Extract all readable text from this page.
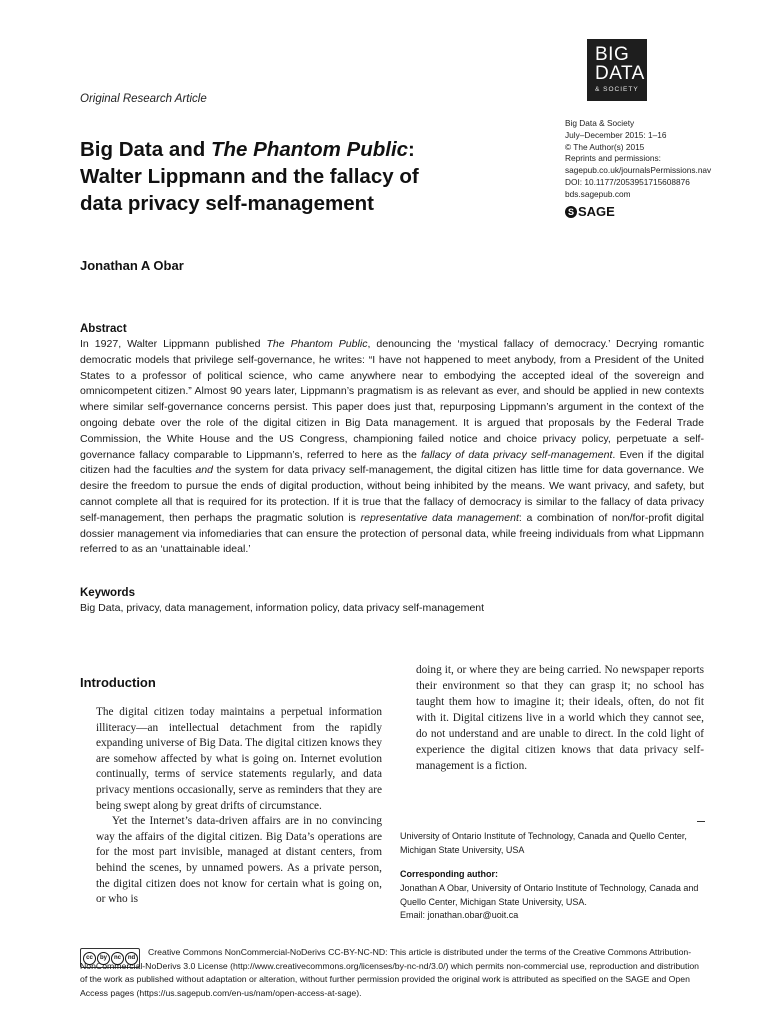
BIG
DATA
& SOCIETY
Original Research Article
Big Data and The Phantom Public: Walter Lippmann and the fallacy of data privacy self-management
Big Data & Society
July–December 2015: 1–16
© The Author(s) 2015
Reprints and permissions:
sagepub.co.uk/journalsPermissions.nav
DOI: 10.1177/2053951715608876
bds.sagepub.com
S SAGE
Jonathan A Obar
Abstract
In 1927, Walter Lippmann published The Phantom Public, denouncing the ‘mystical fallacy of democracy.’ Decrying romantic democratic models that privilege self-governance, he writes: “I have not happened to meet anybody, from a President of the United States to a professor of political science, who came anywhere near to embodying the accepted ideal of the sovereign and omnicompetent citizen.” Almost 90 years later, Lippmann’s pragmatism is as relevant as ever, and should be applied in new contexts where similar self-governance concerns persist. This paper does just that, repurposing Lippmann’s argument in the context of the ongoing debate over the role of the digital citizen in Big Data management. It is argued that proposals by the Federal Trade Commission, the White House and the US Congress, championing failed notice and choice privacy policy, perpetuate a self-governance fallacy comparable to Lippmann’s, referred to here as the fallacy of data privacy self-management. Even if the digital citizen had the faculties and the system for data privacy self-management, the digital citizen has little time for data governance. We desire the freedom to pursue the ends of digital production, without being inhibited by the means. We want privacy, and safety, but cannot complete all that is required for its protection. If it is true that the fallacy of democracy is similar to the fallacy of data privacy self-management, then perhaps the pragmatic solution is representative data management: a combination of non/for-profit digital dossier management via infomediaries that can ensure the protection of personal data, while freeing individuals from what Lippmann referred to as an ‘unattainable ideal.’
Keywords
Big Data, privacy, data management, information policy, data privacy self-management
Introduction

The digital citizen today maintains a perpetual information illiteracy—an intellectual detachment from the rapidly expanding universe of Big Data. The digital citizen knows they are somehow affected by what is going on. Internet evolution continually, terms of service statements regularly, and data privacy mentions occasionally, serve as reminders that they are being swept along by great drifts of circumstance.

Yet the Internet’s data-driven affairs are in no convincing way the affairs of the digital citizen. Big Data’s operations are for the most part invisible, managed at distant centers, from behind the scenes, by unnamed powers. As a private person, the digital citizen does not know for certain what is going on, or who is

doing it, or where they are being carried. No newspaper reports their environment so that they can grasp it; no school has taught them how to imagine it; their ideals, often, do not fit with it. Digital citizens live in a world which they cannot see, do not understand and are unable to direct. In the cold light of experience the digital citizen knows that data privacy self-management is a fiction.

University of Ontario Institute of Technology, Canada and Quello Center, Michigan State University, USA
Corresponding author:
Jonathan A Obar, University of Ontario Institute of Technology, Canada and Quello Center, Michigan State University, USA.
Email: jonathan.obar@uoit.ca
cc	by	nc	nd
Creative Commons NonCommercial-NoDerivs CC-BY-NC-ND: This article is distributed under the terms of the Creative Commons Attribution-NonCommercial-NoDerivs 3.0 License (http://www.creativecommons.org/licenses/by-nc-nd/3.0/) which permits non-commercial use, reproduction and distribution of the work as published without adaptation or alteration, without further permission provided the original work is attributed as specified on the SAGE and Open Access pages (https://us.sagepub.com/en-us/nam/open-access-at-sage).
